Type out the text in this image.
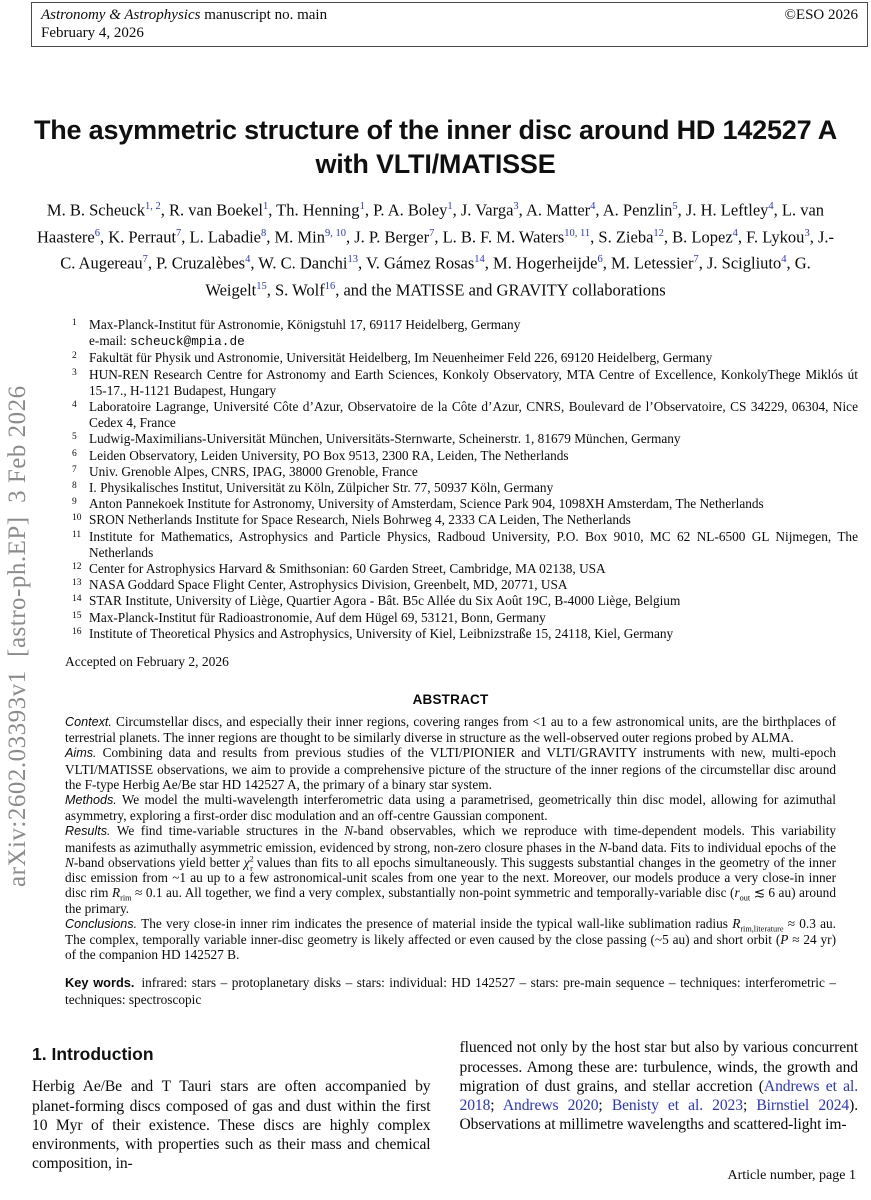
arXiv:2602.03393v1  [astro-ph.EP]  3 Feb 2026
Astronomy & Astrophysics manuscript no. main
February 4, 2026
©ESO 2026
The asymmetric structure of the inner disc around HD 142527 A
with VLTI/MATISSE

M. B. Scheuck$^{1, 2}$, R. van Boekel$^1$, Th. Henning$^1$, P. A. Boley$^1$, J. Varga$^3$, A. Matter$^4$, A. Penzlin$^5$, J. H. Leftley$^4$, L. van Haastere$^6$, K. Perraut$^7$, L. Labadie$^8$, M. Min$^{9, 10}$, J. P. Berger$^7$, L. B. F. M. Waters$^{10, 11}$, S. Zieba$^{12}$, B. Lopez$^4$, F. Lykou$^3$, J.-C. Augereau$^7$, P. Cruzalèbes$^4$, W. C. Danchi$^{13}$, V. Gámez Rosas$^{14}$, M. Hogerheijde$^6$, M. Letessier$^7$, J. Scigliuto$^4$, G. Weigelt$^{15}$, S. Wolf$^{16}$, and the MATISSE and GRAVITY collaborations

1 Max-Planck-Institut für Astronomie, Königstuhl 17, 69117 Heidelberg, Germany
e-mail: scheuck@mpia.de
2 Fakultät für Physik und Astronomie, Universität Heidelberg, Im Neuenheimer Feld 226, 69120 Heidelberg, Germany
3 HUN-REN Research Centre for Astronomy and Earth Sciences, Konkoly Observatory, MTA Centre of Excellence, KonkolyThege Miklós út 15-17., H-1121 Budapest, Hungary
4 Laboratoire Lagrange, Université Côte d’Azur, Observatoire de la Côte d’Azur, CNRS, Boulevard de l’Observatoire, CS 34229, 06304, Nice Cedex 4, France
5 Ludwig-Maximilians-Universität München, Universitäts-Sternwarte, Scheinerstr. 1, 81679 München, Germany
6 Leiden Observatory, Leiden University, PO Box 9513, 2300 RA, Leiden, The Netherlands
7 Univ. Grenoble Alpes, CNRS, IPAG, 38000 Grenoble, France
8 I. Physikalisches Institut, Universität zu Köln, Zülpicher Str. 77, 50937 Köln, Germany
9 Anton Pannekoek Institute for Astronomy, University of Amsterdam, Science Park 904, 1098XH Amsterdam, The Netherlands
10 SRON Netherlands Institute for Space Research, Niels Bohrweg 4, 2333 CA Leiden, The Netherlands
11 Institute for Mathematics, Astrophysics and Particle Physics, Radboud University, P.O. Box 9010, MC 62 NL-6500 GL Nijmegen, The Netherlands
12 Center for Astrophysics Harvard & Smithsonian: 60 Garden Street, Cambridge, MA 02138, USA
13 NASA Goddard Space Flight Center, Astrophysics Division, Greenbelt, MD, 20771, USA
14 STAR Institute, University of Liège, Quartier Agora - Bât. B5c Allée du Six Août 19C, B-4000 Liège, Belgium
15 Max-Planck-Institut für Radioastronomie, Auf dem Hügel 69, 53121, Bonn, Germany
16 Institute of Theoretical Physics and Astrophysics, University of Kiel, Leibnizstraße 15, 24118, Kiel, Germany

Accepted on February 2, 2026

ABSTRACT
Context. Circumstellar discs, and especially their inner regions, covering ranges from <1 au to a few astronomical units, are the birthplaces of terrestrial planets. The inner regions are thought to be similarly diverse in structure as the well-observed outer regions probed by ALMA.
Aims. Combining data and results from previous studies of the VLTI/PIONIER and VLTI/GRAVITY instruments with new, multi-epoch VLTI/MATISSE observations, we aim to provide a comprehensive picture of the structure of the inner regions of the circumstellar disc around the F-type Herbig Ae/Be star HD 142527 A, the primary of a binary star system.
Methods. We model the multi-wavelength interferometric data using a parametrised, geometrically thin disc model, allowing for azimuthal asymmetry, exploring a first-order disc modulation and an off-centre Gaussian component.
Results. We find time-variable structures in the N-band observables, which we reproduce with time-dependent models. This variability manifests as azimuthally asymmetric emission, evidenced by strong, non-zero closure phases in the N-band data. Fits to individual epochs of the N-band observations yield better $\chi^2_r$ values than fits to all epochs simultaneously. This suggests substantial changes in the geometry of the inner disc emission from ~1 au up to a few astronomical-unit scales from one year to the next. Moreover, our models produce a very close-in inner disc rim $R_{rim} \approx 0.1$ au. All together, we find a very complex, substantially non-point symmetric and temporally-variable disc ($r_{out}$ ≲ 6 au) around the primary.
Conclusions. The very close-in inner rim indicates the presence of material inside the typical wall-like sublimation radius $R_{rim,literature} \approx 0.3$ au. The complex, temporally variable inner-disc geometry is likely affected or even caused by the close passing (~5 au) and short orbit (P ≈ 24 yr) of the companion HD 142527 B.

Key words. infrared: stars – protoplanetary disks – stars: individual: HD 142527 – stars: pre-main sequence – techniques: interferometric – techniques: spectroscopic

1. Introduction

Herbig Ae/Be and T Tauri stars are often accompanied by planet-forming discs composed of gas and dust within the first 10 Myr of their existence. These discs are highly complex environments, with properties such as their mass and chemical composition, in-

fluenced not only by the host star but also by various concurrent processes. Among these are: turbulence, winds, the growth and migration of dust grains, and stellar accretion (Andrews et al. 2018; Andrews 2020; Benisty et al. 2023; Birnstiel 2024). Observations at millimetre wavelengths and scattered-light im-

Article number, page 1
